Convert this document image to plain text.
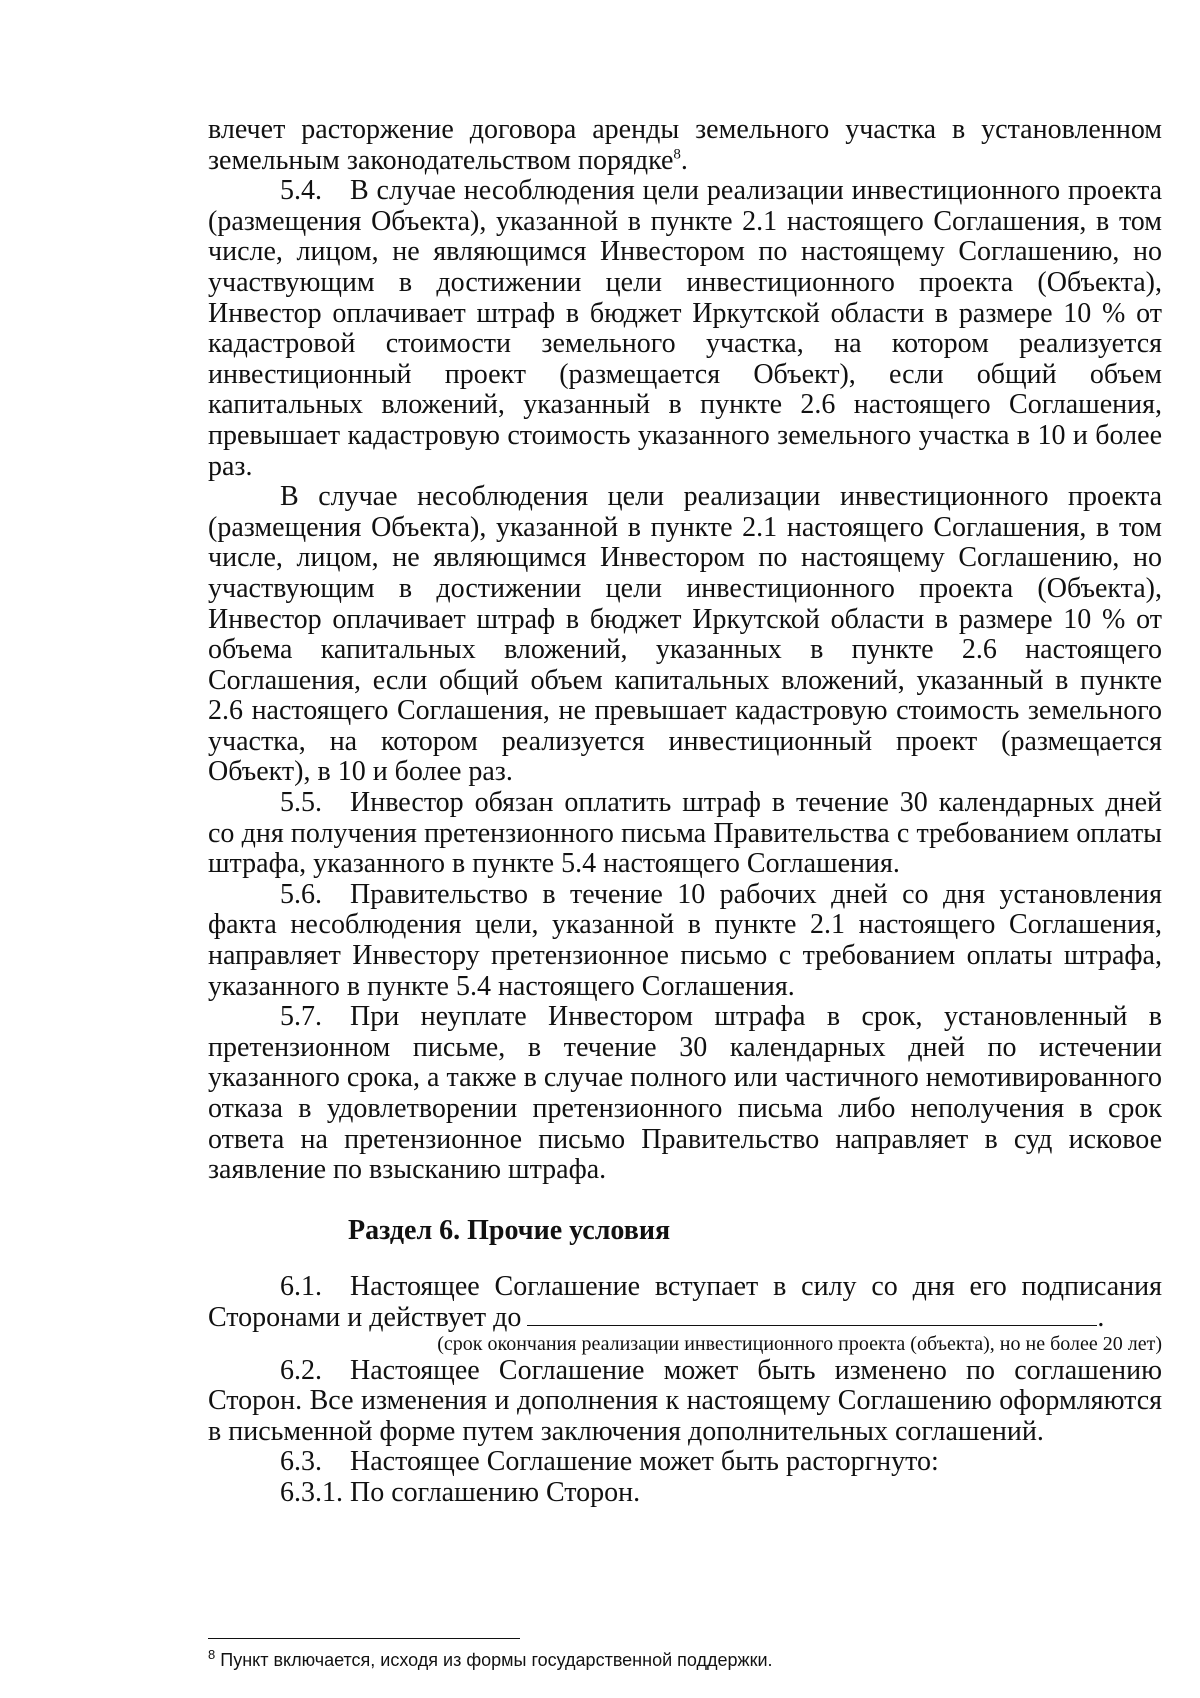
влечет расторжение договора аренды земельного участка в установленном земельным законодательством порядке$^8$.

5.4. В случае несоблюдения цели реализации инвестиционного проекта (размещения Объекта), указанной в пункте 2.1 настоящего Соглашения, в том числе, лицом, не являющимся Инвестором по настоящему Соглашению, но участвующим в достижении цели инвестиционного проекта (Объекта), Инвестор оплачивает штраф в бюджет Иркутской области в размере 10 % от кадастровой стоимости земельного участка, на котором реализуется инвестиционный проект (размещается Объект), если общий объем капитальных вложений, указанный в пункте 2.6 настоящего Соглашения, превышает кадастровую стоимость указанного земельного участка в 10 и более раз.

В случае несоблюдения цели реализации инвестиционного проекта (размещения Объекта), указанной в пункте 2.1 настоящего Соглашения, в том числе, лицом, не являющимся Инвестором по настоящему Соглашению, но участвующим в достижении цели инвестиционного проекта (Объекта), Инвестор оплачивает штраф в бюджет Иркутской области в размере 10 % от объема капитальных вложений, указанных в пункте 2.6 настоящего Соглашения, если общий объем капитальных вложений, указанный в пункте 2.6 настоящего Соглашения, не превышает кадастровую стоимость земельного участка, на котором реализуется инвестиционный проект (размещается Объект), в 10 и более раз.

5.5. Инвестор обязан оплатить штраф в течение 30 календарных дней со дня получения претензионного письма Правительства с требованием оплаты штрафа, указанного в пункте 5.4 настоящего Соглашения.

5.6. Правительство в течение 10 рабочих дней со дня установления факта несоблюдения цели, указанной в пункте 2.1 настоящего Соглашения, направляет Инвестору претензионное письмо с требованием оплаты штрафа, указанного в пункте 5.4 настоящего Соглашения.

5.7. При неуплате Инвестором штрафа в срок, установленный в претензионном письме, в течение 30 календарных дней по истечении указанного срока, а также в случае полного или частичного немотивированного отказа в удовлетворении претензионного письма либо неполучения в срок ответа на претензионное письмо Правительство направляет в суд исковое заявление по взысканию штрафа.

Раздел 6. Прочие условия

6.1. Настоящее Соглашение вступает в силу со дня его подписания Сторонами и действует до	.

(срок окончания реализации инвестиционного проекта (объекта), но не более 20 лет)

6.2. Настоящее Соглашение может быть изменено по соглашению Сторон. Все изменения и дополнения к настоящему Соглашению оформляются в письменной форме путем заключения дополнительных соглашений.

6.3. Настоящее Соглашение может быть расторгнуто:

6.3.1. По соглашению Сторон.

$^8$ Пункт включается, исходя из формы государственной поддержки.
